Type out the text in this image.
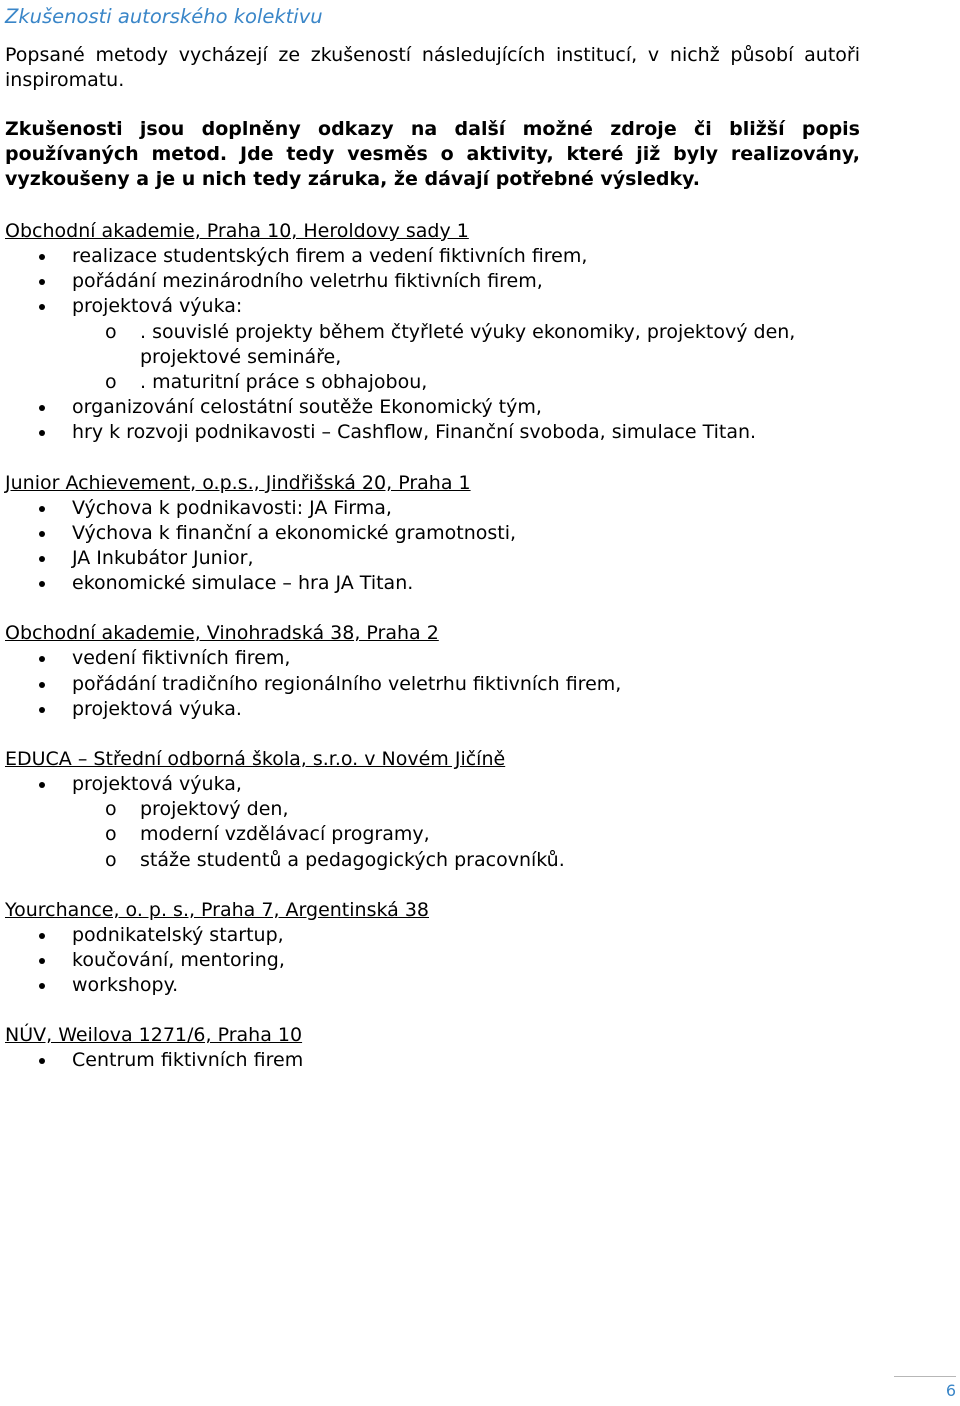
Zkušenosti autorského kolektivu

Popsané metody vycházejí ze zkušeností následujících institucí, v nichž působí autoři inspiromatu.

Zkušenosti jsou doplněny odkazy na další možné zdroje či bližší popis používaných metod. Jde tedy vesměs o aktivity, které již byly realizovány, vyzkoušeny a je u nich tedy záruka, že dávají potřebné výsledky.

Obchodní akademie, Praha 10, Heroldovy sady 1

realizace studentských firem a vedení fiktivních firem,
pořádání mezinárodního veletrhu fiktivních firem,
projektová výuka:
o . souvislé projekty během čtyřleté výuky ekonomiky, projektový den, projektové semináře,
o . maturitní práce s obhajobou,
organizování celostátní soutěže Ekonomický tým,
hry k rozvoji podnikavosti – Cashflow, Finanční svoboda, simulace Titan.

Junior Achievement, o.p.s., Jindřišská 20, Praha 1

Výchova k podnikavosti: JA Firma,
Výchova k finanční a ekonomické gramotnosti,
JA Inkubátor Junior,
ekonomické simulace – hra JA Titan.

Obchodní akademie, Vinohradská 38, Praha 2

vedení fiktivních firem,
pořádání tradičního regionálního veletrhu fiktivních firem,
projektová výuka.

EDUCA – Střední odborná škola, s.r.o. v Novém Jičíně

projektová výuka,
o projektový den,
o moderní vzdělávací programy,
o stáže studentů a pedagogických pracovníků.

Yourchance, o. p. s., Praha 7, Argentinská 38

podnikatelský startup,
koučování, mentoring,
workshopy.

NÚV, Weilova 1271/6, Praha 10

Centrum fiktivních firem
6
